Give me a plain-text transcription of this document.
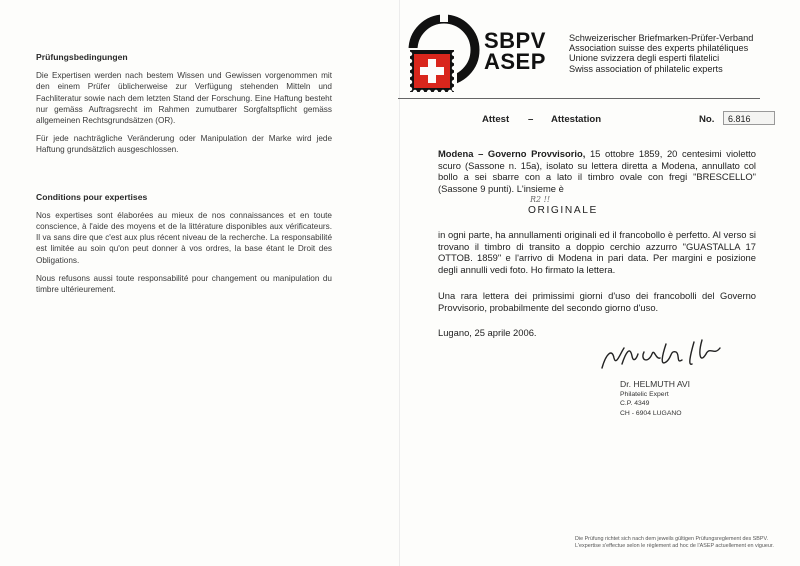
Prüfungsbedingungen

Die Expertisen werden nach bestem Wissen und Gewissen vorgenommen mit den einem Prüfer üblicherweise zur Verfügung stehenden Mitteln und Fachliteratur sowie nach dem letzten Stand der Forschung. Eine Haftung besteht nur gemäss Auftragsrecht im Rahmen zumutbarer Sorgfaltspflicht gemäss allgemeinen Rechtsgrundsätzen (OR).

Für jede nachträgliche Veränderung oder Manipulation der Marke wird jede Haftung grundsätzlich ausgeschlossen.

Conditions pour expertises

Nos expertises sont élaborées au mieux de nos connaissances et en toute conscience, à l'aide des moyens et de la littérature disponibles aux vérificateurs. Il va sans dire que c'est aux plus récent niveau de la recherche. La responsabilité est limitée au soin qu'on peut donner à vos ordres, la base étant le Droit des Obligations.

Nous refusons aussi toute responsabilité pour changement ou manipulation du timbre ultérieurement.

SBPV
ASEP
Schweizerischer Briefmarken-Prüfer-Verband
Association suisse des experts philatéliques
Unione svizzera degli esperti filatelici
Swiss association of philatelic experts
Attest – Attestation	No. 6.816

Modena – Governo Provvisorio, 15 ottobre 1859, 20 centesimi violetto scuro (Sassone n. 15a), isolato su lettera diretta a Modena, annullato col bollo a sei sbarre con a lato il timbro ovale con fregi "BRESCELLO" (Sassone 9 punti). L'insieme è

R2 !!
ORIGINALE
in ogni parte, ha annullamenti originali ed il francobollo è perfetto. Al verso si trovano il timbro di transito a doppio cerchio azzurro "GUASTALLA 17 OTTOB. 1859" e l'arrivo di Modena in pari data. Per margini e posizione degli annulli vedi foto. Ho firmato la lettera.
Una rara lettera dei primissimi giorni d'uso dei francobolli del Governo Provvisorio, probabilmente del secondo giorno d'uso.
Lugano, 25 aprile 2006.
Dr. HELMUTH AVI
Philatelic Expert
C.P. 4349
CH - 6904 LUGANO
Die Prüfung richtet sich nach dem jeweils gültigen Prüfungsreglement des SBPV.
L'expertise s'effectue selon le règlement ad hoc de l'ASEP actuellement en vigueur.
